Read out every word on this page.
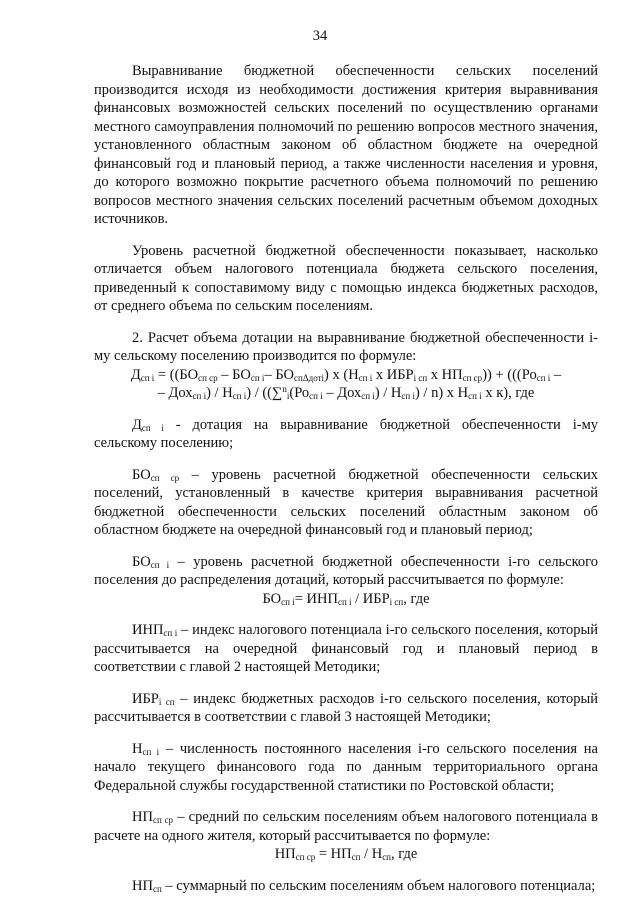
34

Выравнивание бюджетной обеспеченности сельских поселений производится исходя из необходимости достижения критерия выравнивания финансовых возможностей сельских поселений по осуществлению органами местного самоуправления полномочий по решению вопросов местного значения, установленного областным законом об областном бюджете на очередной финансовый год и плановый период, а также численности населения и уровня, до которого возможно покрытие расчетного объема полномочий по решению вопросов местного значения сельских поселений расчетным объемом доходных источников.

Уровень расчетной бюджетной обеспеченности показывает, насколько отличается объем налогового потенциала бюджета сельского поселения, приведенный к сопоставимому виду с помощью индекса бюджетных расходов, от среднего объема по сельским поселениям.

2. Расчет объема дотации на выравнивание бюджетной обеспеченности i-му сельскому поселению производится по формуле:

$Д_{сп i} = ((БО_{сп ср} - БО_{сп i}-$ $БО_{сп\Delta дотi}$) x ($Н_{сп i}$ x $ИБР_{i сп}$ x $НП_{сп ср})) + (((Ро_{сп i}$ –

– $Дох_{сп i}) / Н_{сп i}) / ((\sum^n_i(Ро_{сп i} - Дох_{сп i}) / Н_{сп i}) / n)$ x $Н_{сп i}$ x к), где

$Д_{сп i}$ - дотация на выравнивание бюджетной обеспеченности i-му сельскому поселению;

$БО_{сп ср}$ – уровень расчетной бюджетной обеспеченности сельских поселений, установленный в качестве критерия выравнивания расчетной бюджетной обеспеченности сельских поселений областным законом об областном бюджете на очередной финансовый год и плановый период;

$БО_{сп i}$ – уровень расчетной бюджетной обеспеченности i-го сельского поселения до распределения дотаций, который рассчитывается по формуле:

$БО_{сп i}= ИНП_{сп i} / ИБР_{i сп}$, где

$ИНП_{сп i}$ – индекс налогового потенциала i-го сельского поселения, который рассчитывается на очередной финансовый год и плановый период в соответствии с главой 2 настоящей Методики;

$ИБР_{i сп}$ – индекс бюджетных расходов i-го сельского поселения, который рассчитывается в соответствии с главой 3 настоящей Методики;

$Н_{сп i}$ – численность постоянного населения i-го сельского поселения на начало текущего финансового года по данным территориального органа Федеральной службы государственной статистики по Ростовской области;

$НП_{сп ср}$ – средний по сельским поселениям объем налогового потенциала в расчете на одного жителя, который рассчитывается по формуле:

$НП_{сп ср} = НП_{сп} / Н_{сп}$, где

$НП_{сп}$ – суммарный по сельским поселениям объем налогового потенциала;
